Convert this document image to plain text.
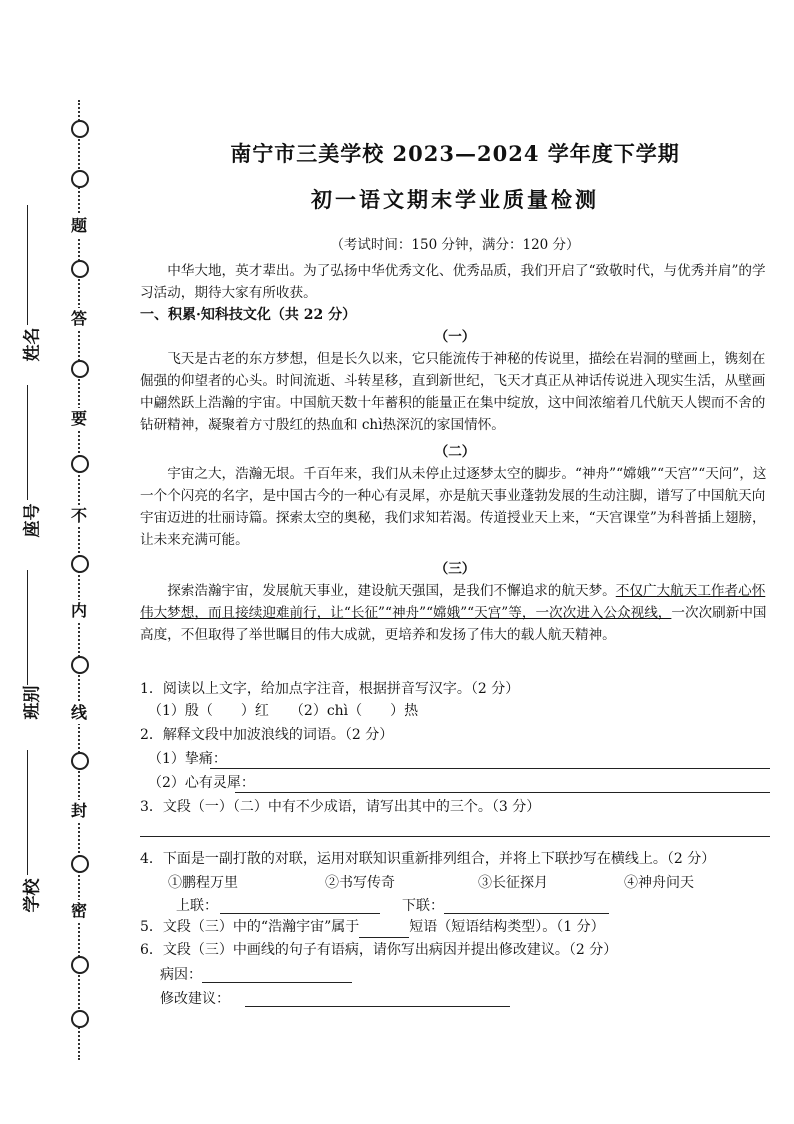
题
答
要
不
内
线
封
密
姓名
座号
班别
学校
南宁市三美学校 2023—2024 学年度下学期
初一语文期末学业质量检测
（考试时间：150 分钟，满分：120 分）

中华大地，英才辈出。为了弘扬中华优秀文化、优秀品质，我们开启了“致敬时代，与优秀并肩”的学习活动，期待大家有所收获。

一、积累·知科技文化（共 22 分）

（一）

飞天是古老的东方梦想，但是长久以来，它只能流传于神秘的传说里，描绘在岩洞的壁画上，镌刻在倔强的仰望者的心头。时间流逝、斗转星移，直到新世纪，飞天才真正从神话传说进入现实生活，从壁画中翩然跃上浩瀚的宇宙。中国航天数十年蓄积的能量正在集中绽放，这中间浓缩着几代航天人锲而不舍的钻研精神，凝聚着方寸殷红的热血和 chì热深沉的家国情怀。

（二）

宇宙之大，浩瀚无垠。千百年来，我们从未停止过逐梦太空的脚步。“神舟”“嫦娥”“天宫”“天问”，这一个个闪亮的名字，是中国古今的一种心有灵犀，亦是航天事业蓬勃发展的生动注脚，谱写了中国航天向宇宙迈进的壮丽诗篇。探索太空的奥秘，我们求知若渴。传道授业天上来，“天宫课堂”为科普插上翅膀，让未来充满可能。

（三）

探索浩瀚宇宙，发展航天事业，建设航天强国，是我们不懈追求的航天梦。不仅广大航天工作者心怀伟大梦想，而且接续迎难前行，让“长征”“神舟”“嫦娥”“天宫”等，一次次进入公众视线，一次次刷新中国高度，不但取得了举世瞩目的伟大成就，更培养和发扬了伟大的载人航天精神。

1．阅读以上文字，给加点字注音，根据拼音写汉字。（2 分）
（1）殷（　　）红　　（2）chì（　　）热
2．解释文段中加波浪线的词语。（2 分）
（1）挚痛：
（2）心有灵犀：
3．文段（一）（二）中有不少成语，请写出其中的三个。（3 分）
4．下面是一副打散的对联，运用对联知识重新排列组合，并将上下联抄写在横线上。（2 分）
①鹏程万里	②书写传奇	③长征探月	④神舟问天
上联：	下联：
5．文段（三）中的“浩瀚宇宙”属于	短语（短语结构类型）。（1 分）
6．文段（三）中画线的句子有语病，请你写出病因并提出修改建议。（2 分）
病因：
修改建议：
